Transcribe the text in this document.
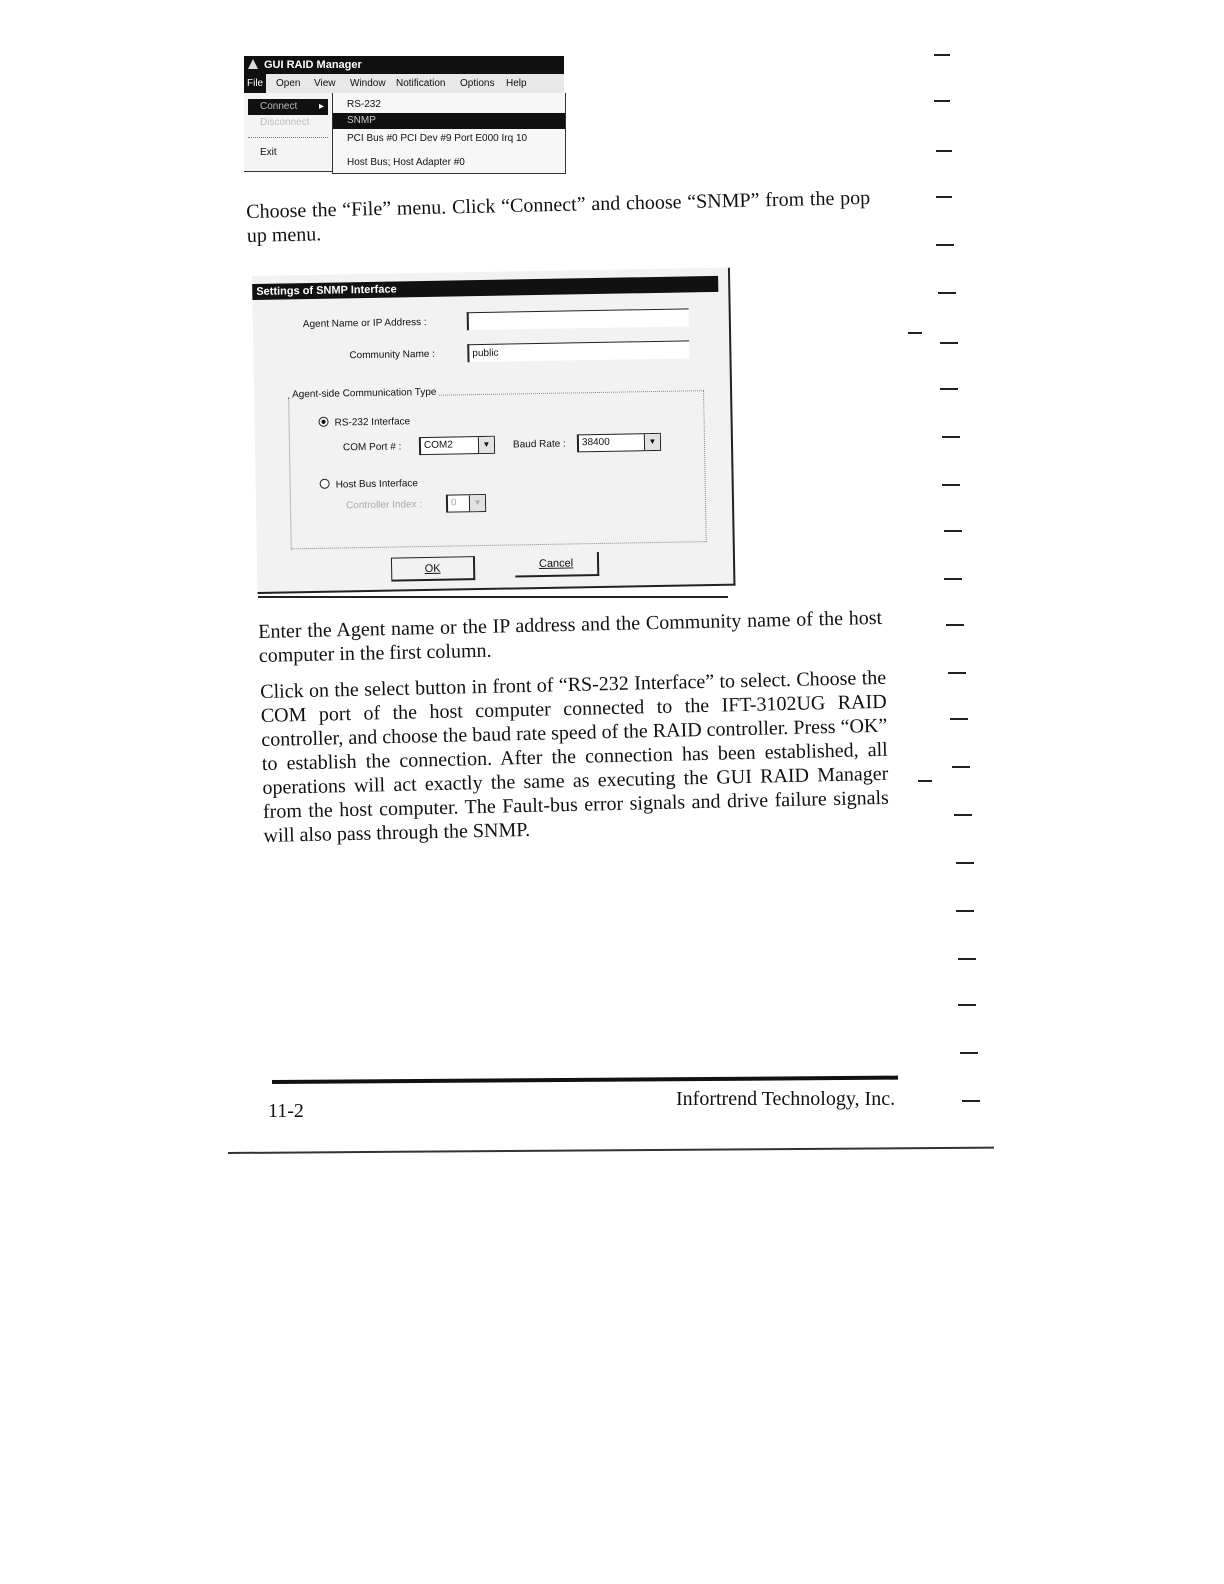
GUI RAID Manager
File	Open View Window Notification Options Help
Connect ▸
Disconnect
Exit
RS-232
SNMP
PCI Bus #0 PCI Dev #9 Port E000 Irq 10
Host Bus; Host Adapter #0
Choose the “File” menu. Click “Connect” and choose “SNMP” from the pop up menu.
Settings of SNMP Interface
Agent Name or IP Address :
Community Name :	public
Agent-side Communication Type
RS-232 Interface
COM Port # :	COM2	▼	Baud Rate :	38400	▼
Host Bus Interface
Controller Index :	0	▼
OK	Cancel
Enter the Agent name or the IP address and the Community name of the host computer in the first column.
Click on the select button in front of “RS-232 Interface” to select. Choose the COM port of the host computer connected to the IFT-3102UG RAID controller, and choose the baud rate speed of the RAID controller. Press “OK” to establish the connection. After the connection has been established, all operations will act exactly the same as executing the GUI RAID Manager from the host computer. The Fault-bus error signals and drive failure signals will also pass through the SNMP.
11-2
Infortrend Technology, Inc.
